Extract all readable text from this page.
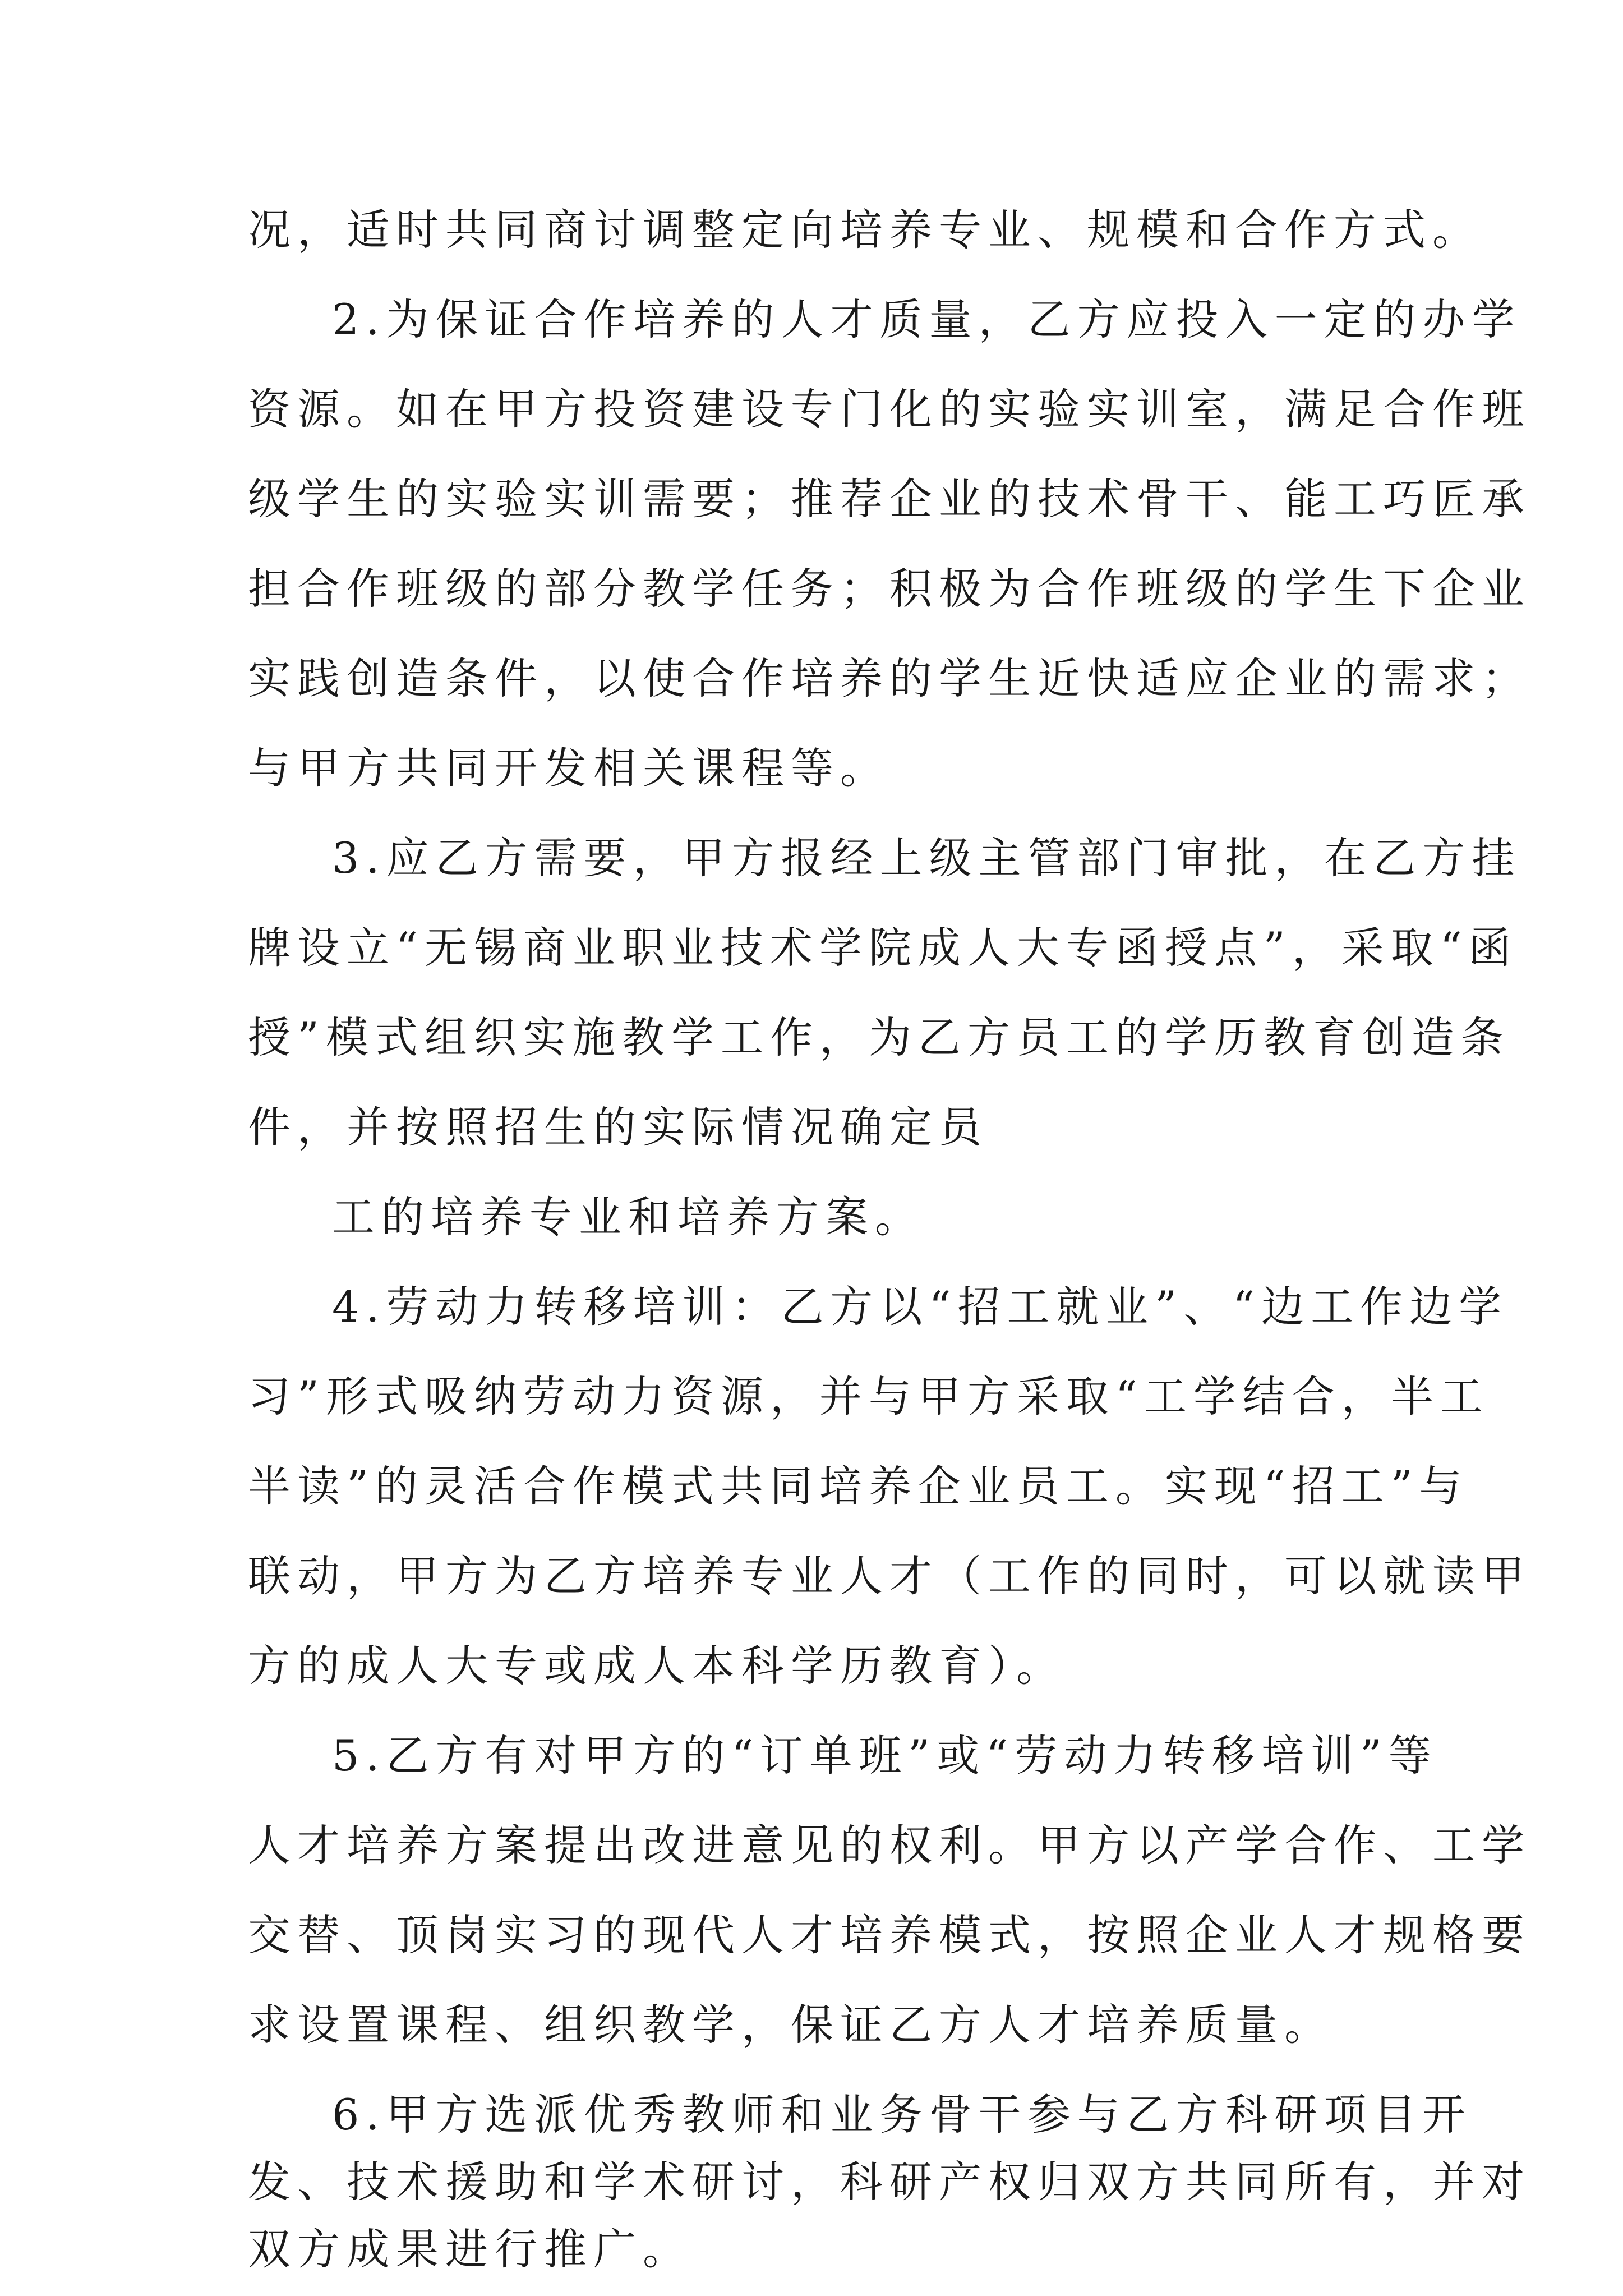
况，适时共同商讨调整定向培养专业、规模和合作方式。
2.为保证合作培养的人才质量，乙方应投入一定的办学
资源。如在甲方投资建设专门化的实验实训室，满足合作班
级学生的实验实训需要；推荐企业的技术骨干、能工巧匠承
担合作班级的部分教学任务；积极为合作班级的学生下企业
实践创造条件，以使合作培养的学生近快适应企业的需求；
与甲方共同开发相关课程等。
3.应乙方需要，甲方报经上级主管部门审批，在乙方挂
牌设立“无锡商业职业技术学院成人大专函授点”，采取“函
授”模式组织实施教学工作，为乙方员工的学历教育创造条
件，并按照招生的实际情况确定员
工的培养专业和培养方案。
4.劳动力转移培训：乙方以“招工就业”、“边工作边学
习”形式吸纳劳动力资源，并与甲方采取“工学结合，半工
半读”的灵活合作模式共同培养企业员工。实现“招工”与
联动，甲方为乙方培养专业人才（工作的同时，可以就读甲
方的成人大专或成人本科学历教育）。
5.乙方有对甲方的“订单班”或“劳动力转移培训”等
人才培养方案提出改进意见的权利。甲方以产学合作、工学
交替、顶岗实习的现代人才培养模式，按照企业人才规格要
求设置课程、组织教学，保证乙方人才培养质量。
6.甲方选派优秀教师和业务骨干参与乙方科研项目开
发、技术援助和学术研讨，科研产权归双方共同所有，并对
双方成果进行推广。
